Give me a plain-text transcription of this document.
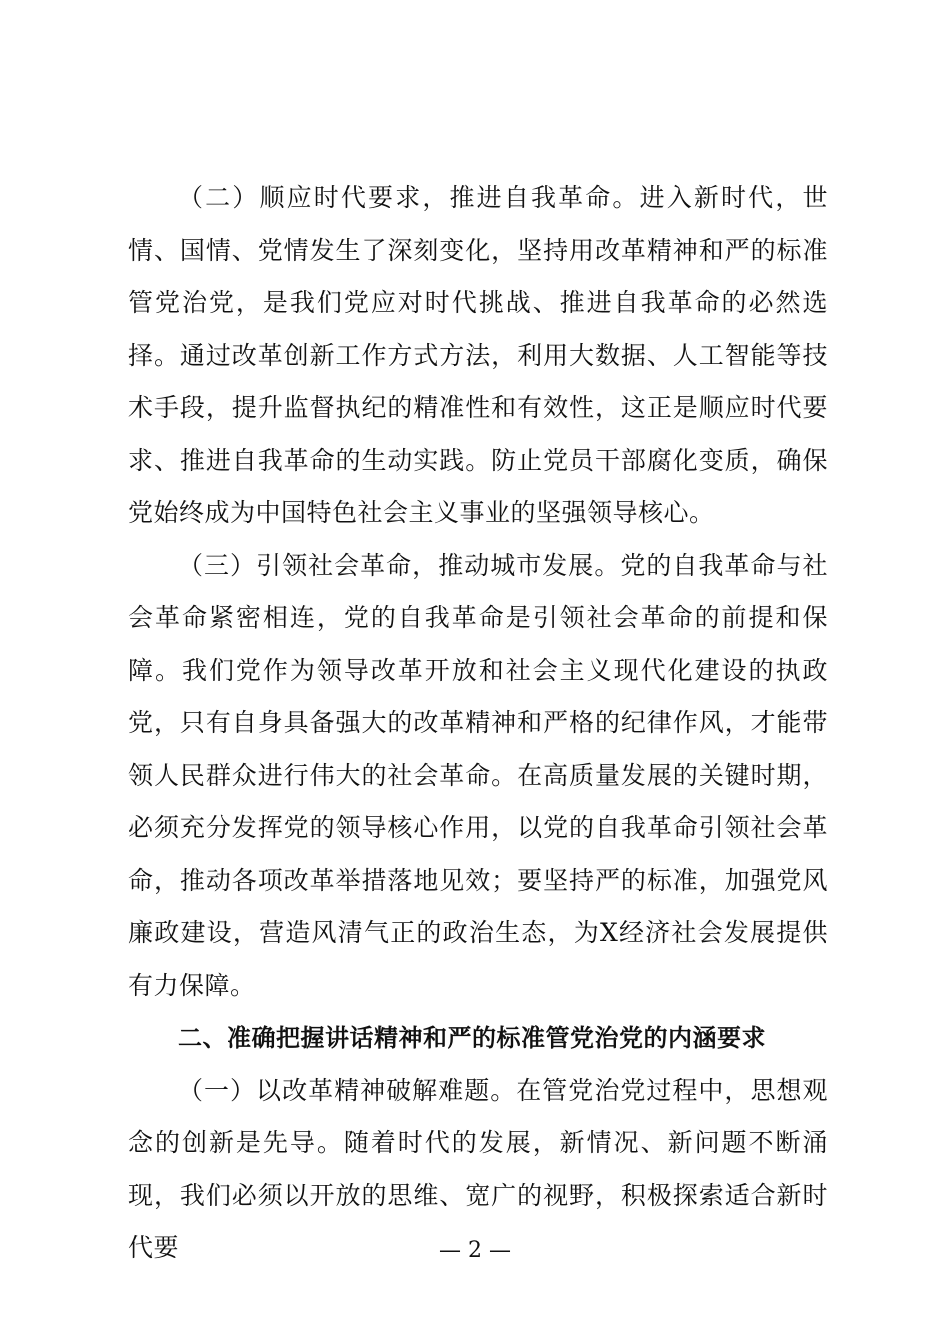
（二）顺应时代要求，推进自我革命。进入新时代，世情、国情、党情发生了深刻变化，坚持用改革精神和严的标准管党治党，是我们党应对时代挑战、推进自我革命的必然选择。通过改革创新工作方式方法，利用大数据、人工智能等技术手段，提升监督执纪的精准性和有效性，这正是顺应时代要求、推进自我革命的生动实践。防止党员干部腐化变质，确保党始终成为中国特色社会主义事业的坚强领导核心。

（三）引领社会革命，推动城市发展。党的自我革命与社会革命紧密相连，党的自我革命是引领社会革命的前提和保障。我们党作为领导改革开放和社会主义现代化建设的执政党，只有自身具备强大的改革精神和严格的纪律作风，才能带领人民群众进行伟大的社会革命。在高质量发展的关键时期，必须充分发挥党的领导核心作用，以党的自我革命引领社会革命，推动各项改革举措落地见效；要坚持严的标准，加强党风廉政建设，营造风清气正的政治生态，为X经济社会发展提供有力保障。

二、准确把握讲话精神和严的标准管党治党的内涵要求

（一）以改革精神破解难题。在管党治党过程中，思想观念的创新是先导。随着时代的发展，新情况、新问题不断涌现，我们必须以开放的思维、宽广的视野，积极探索适合新时代要	— 2 —
